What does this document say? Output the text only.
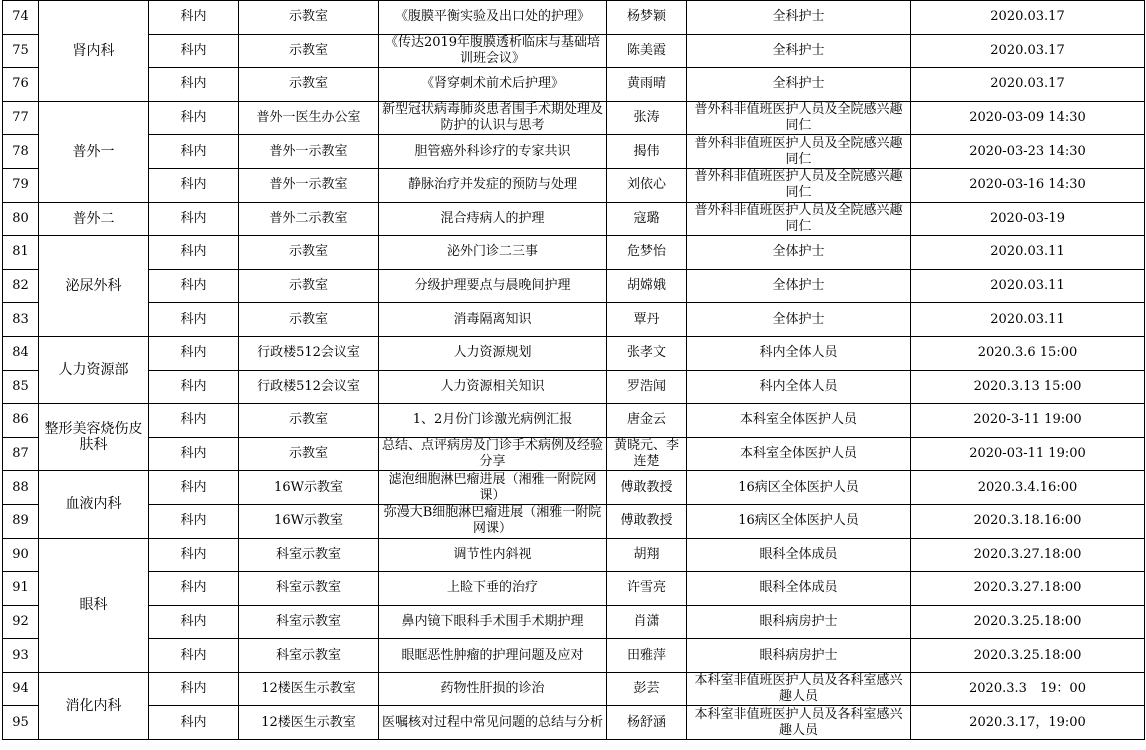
74	肾内科	科内	示教室	《腹膜平衡实验及出口处的护理》	杨梦颖	全科护士	2020.03.17
75		科内	示教室	《传达2019年腹膜透析临床与基础培训班会议》	陈美霞	全科护士	2020.03.17
76		科内	示教室	《肾穿刺术前术后护理》	黄雨晴	全科护士	2020.03.17
77	普外一	科内	普外一医生办公室	新型冠状病毒肺炎患者围手术期处理及防护的认识与思考	张涛	普外科非值班医护人员及全院感兴趣同仁	2020-03-09 14:30
78		科内	普外一示教室	胆管癌外科诊疗的专家共识	揭伟	普外科非值班医护人员及全院感兴趣同仁	2020-03-23 14:30
79		科内	普外一示教室	静脉治疗并发症的预防与处理	刘依心	普外科非值班医护人员及全院感兴趣同仁	2020-03-16 14:30
80	普外二	科内	普外二示教室	混合痔病人的护理	寇璐	普外科非值班医护人员及全院感兴趣同仁	2020-03-19
81	泌尿外科	科内	示教室	泌外门诊二三事	危梦怡	全体护士	2020.03.11
82		科内	示教室	分级护理要点与晨晚间护理	胡嫦娥	全体护士	2020.03.11
83		科内	示教室	消毒隔离知识	覃丹	全体护士	2020.03.11
84	人力资源部	科内	行政楼512会议室	人力资源规划	张孝文	科内全体人员	2020.3.6 15:00
85		科内	行政楼512会议室	人力资源相关知识	罗浩闻	科内全体人员	2020.3.13 15:00
86	整形美容烧伤皮肤科	科内	示教室	1、2月份门诊激光病例汇报	唐金云	本科室全体医护人员	2020-3-11 19:00
87		科内	示教室	总结、点评病房及门诊手术病例及经验分享	黄晓元、李连楚	本科室全体医护人员	2020-03-11 19:00
88	血液内科	科内	16W示教室	滤泡细胞淋巴瘤进展（湘雅一附院网课）	傅敢教授	16病区全体医护人员	2020.3.4.16:00
89		科内	16W示教室	弥漫大B细胞淋巴瘤进展（湘雅一附院网课）	傅敢教授	16病区全体医护人员	2020.3.18.16:00
90	眼科	科内	科室示教室	调节性内斜视	胡翔	眼科全体成员	2020.3.27.18:00
91		科内	科室示教室	上睑下垂的治疗	许雪亮	眼科全体成员	2020.3.27.18:00
92		科内	科室示教室	鼻内镜下眼科手术围手术期护理	肖潇	眼科病房护士	2020.3.25.18:00
93		科内	科室示教室	眼眶恶性肿瘤的护理问题及应对	田雅萍	眼科病房护士	2020.3.25.18:00
94	消化内科	科内	12楼医生示教室	药物性肝损的诊治	彭芸	本科室非值班医护人员及各科室感兴趣人员	2020.3.3　19：00
95		科内	12楼医生示教室	医嘱核对过程中常见问题的总结与分析	杨舒涵	本科室非值班医护人员及各科室感兴趣人员	2020.3.17，19:00
